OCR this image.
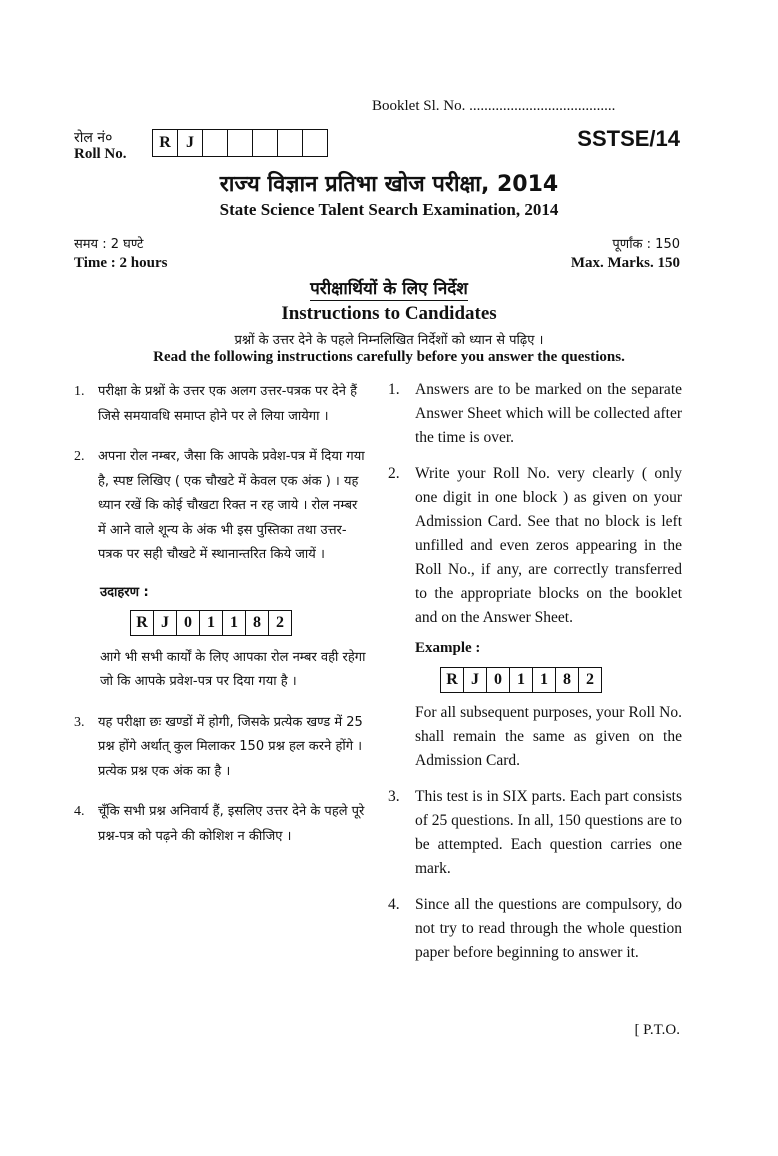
Booklet Sl. No. .......................................
रोल नं०
Roll No.
R J	SSTSE/14
राज्य विज्ञान प्रतिभा खोज परीक्षा, 2014
State Science Talent Search Examination, 2014
समय : 2 घण्टे
Time : 2 hours
पूर्णांक : 150
Max. Marks. 150
परीक्षार्थियों के लिए निर्देश
Instructions to Candidates
प्रश्नों के उत्तर देने के पहले निम्नलिखित निर्देशों को ध्यान से पढ़िए ।
Read the following instructions carefully before you answer the questions.
1.	परीक्षा के प्रश्नों के उत्तर एक अलग उत्तर-पत्रक पर देने हैं जिसे समयावधि समाप्त होने पर ले लिया जायेगा ।
2.	अपना रोल नम्बर, जैसा कि आपके प्रवेश-पत्र में दिया गया है, स्पष्ट लिखिए ( एक चौखटे में केवल एक अंक ) । यह ध्यान रखें कि कोई चौखटा रिक्त न रह जाये । रोल नम्बर में आने वाले शून्य के अंक भी इस पुस्तिका तथा उत्तर-पत्रक पर सही चौखटे में स्थानान्तरित किये जायें ।
उदाहरण :
R J 0 1 1 8 2
आगे भी सभी कार्यों के लिए आपका रोल नम्बर वही रहेगा जो कि आपके प्रवेश-पत्र पर दिया गया है ।
3.	यह परीक्षा छः खण्डों में होगी, जिसके प्रत्येक खण्ड में 25 प्रश्न होंगे अर्थात् कुल मिलाकर 150 प्रश्न हल करने होंगे । प्रत्येक प्रश्न एक अंक का है ।
4.	चूँकि सभी प्रश्न अनिवार्य हैं, इसलिए उत्तर देने के पहले पूरे प्रश्न-पत्र को पढ़ने की कोशिश न कीजिए ।
1. Answers are to be marked on the separate Answer Sheet which will be collected after the time is over.
2. Write your Roll No. very clearly ( only one digit in one block ) as given on your Admission Card. See that no block is left unfilled and even zeros appearing in the Roll No., if any, are correctly transferred to the appropriate blocks on the booklet and on the Answer Sheet.
Example :
R J 0 1 1 8 2
For all subsequent purposes, your Roll No. shall remain the same as given on the Admission Card.
3. This test is in SIX parts. Each part consists of 25 questions. In all, 150 questions are to be attempted. Each question carries one mark.
4. Since all the questions are compulsory, do not try to read through the whole question paper before beginning to answer it.
[ P.T.O.
